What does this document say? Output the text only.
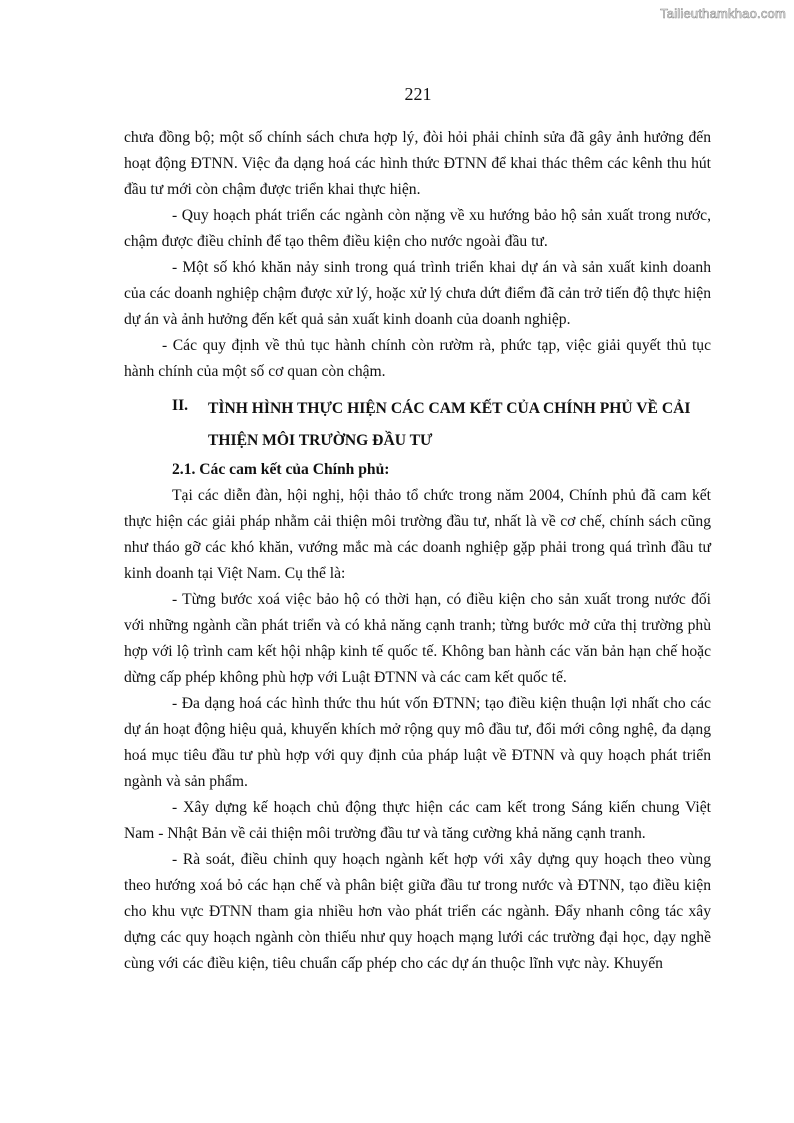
Tailieuthamkhao.com
221

chưa đồng bộ; một số chính sách chưa hợp lý, đòi hỏi phải chỉnh sửa đã gây ảnh hưởng đến hoạt động ĐTNN. Việc đa dạng hoá các hình thức ĐTNN để khai thác thêm các kênh thu hút đầu tư mới còn chậm được triển khai thực hiện.

- Quy hoạch phát triển các ngành còn nặng về xu hướng bảo hộ sản xuất trong nước, chậm được điều chỉnh để tạo thêm điều kiện cho nước ngoài đầu tư.

- Một số khó khăn nảy sinh trong quá trình triển khai dự án và sản xuất kinh doanh của các doanh nghiệp chậm được xử lý, hoặc xử lý chưa dứt điểm đã cản trở tiến độ thực hiện dự án và ảnh hưởng đến kết quả sản xuất kinh doanh của doanh nghiệp.

- Các quy định về thủ tục hành chính còn rườm rà, phức tạp, việc giải quyết thủ tục hành chính của một số cơ quan còn chậm.

II.	TÌNH HÌNH THỰC HIỆN CÁC CAM KẾT CỦA CHÍNH PHỦ VỀ CẢI
THIỆN MÔI TRƯỜNG ĐẦU TƯ

2.1. Các cam kết của Chính phủ:

Tại các diễn đàn, hội nghị, hội thảo tổ chức trong năm 2004, Chính phủ đã cam kết thực hiện các giải pháp nhằm cải thiện môi trường đầu tư, nhất là về cơ chế, chính sách cũng như tháo gỡ các khó khăn, vướng mắc mà các doanh nghiệp gặp phải trong quá trình đầu tư kinh doanh tại Việt Nam. Cụ thể là:

- Từng bước xoá việc bảo hộ có thời hạn, có điều kiện cho sản xuất trong nước đối với những ngành cần phát triển và có khả năng cạnh tranh; từng bước mở cửa thị trường phù hợp với lộ trình cam kết hội nhập kinh tế quốc tế. Không ban hành các văn bản hạn chế hoặc dừng cấp phép không phù hợp với Luật ĐTNN và các cam kết quốc tế.

- Đa dạng hoá các hình thức thu hút vốn ĐTNN; tạo điều kiện thuận lợi nhất cho các dự án hoạt động hiệu quả, khuyến khích mở rộng quy mô đầu tư, đổi mới công nghệ, đa dạng hoá mục tiêu đầu tư phù hợp với quy định của pháp luật về ĐTNN và quy hoạch phát triển ngành và sản phẩm.

- Xây dựng kế hoạch chủ động thực hiện các cam kết trong Sáng kiến chung Việt Nam - Nhật Bản về cải thiện môi trường đầu tư và tăng cường khả năng cạnh tranh.

- Rà soát, điều chỉnh quy hoạch ngành kết hợp với xây dựng quy hoạch theo vùng theo hướng xoá bỏ các hạn chế và phân biệt giữa đầu tư trong nước và ĐTNN, tạo điều kiện cho khu vực ĐTNN tham gia nhiều hơn vào phát triển các ngành. Đẩy nhanh công tác xây dựng các quy hoạch ngành còn thiếu như quy hoạch mạng lưới các trường đại học, dạy nghề cùng với các điều kiện, tiêu chuẩn cấp phép cho các dự án thuộc lĩnh vực này. Khuyến
